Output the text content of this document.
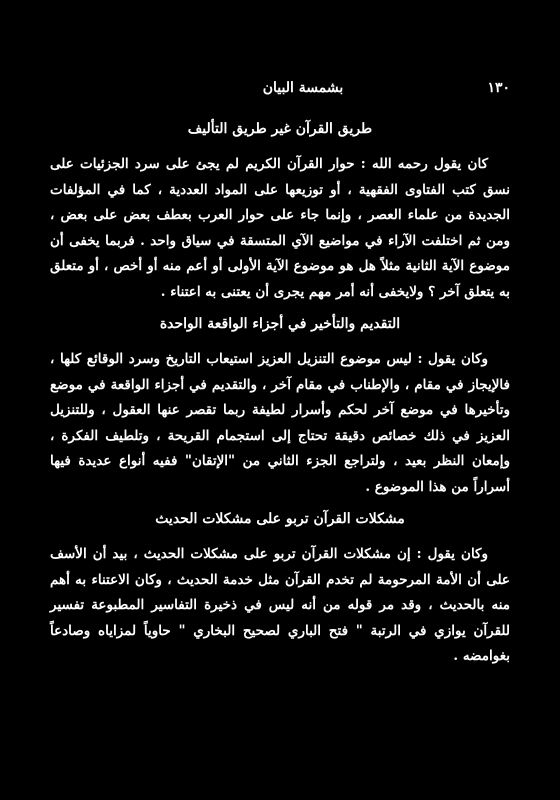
١٣٠
بشمسة البيان

طريق القرآن غير طريق التأليف

كان يقول رحمه الله : حوار القرآن الكريم لم يجئ على سرد الجزئيات على نسق كتب الفتاوى الفقهية ، أو توزيعها على المواد العددية ، كما في المؤلفات الجديدة من علماء العصر ، وإنما جاء على حوار العرب بعطف بعض على بعض ، ومن ثم اختلفت الآراء في مواضيع الآي المتسقة في سياق واحد . فربما يخفى أن موضوع الآية الثانية مثلاً هل هو موضوع الآية الأولى أو أعم منه أو أخص ، أو متعلق به يتعلق آخر ؟ ولايخفى أنه أمر مهم يجرى أن يعتنى به اعتناء .

التقديم والتأخير في أجزاء الواقعة الواحدة

وكان يقول : ليس موضوع التنزيل العزيز استيعاب التاريخ وسرد الوقائع كلها ، فالإيجاز في مقام ، والإطناب في مقام آخر ، والتقديم في أجزاء الواقعة في موضع وتأخيرها في موضع آخر لحكم وأسرار لطيفة ربما تقصر عنها العقول ، وللتنزيل العزيز في ذلك خصائص دقيقة تحتاج إلى استجمام القريحة ، وتلطيف الفكرة ، وإمعان النظر بعيد ، ولتراجع الجزء الثاني من "الإتقان" ففيه أنواع عديدة فيها أسراراً من هذا الموضوع .

مشكلات القرآن تربو على مشكلات الحديث

وكان يقول : إن مشكلات القرآن تربو على مشكلات الحديث ، بيد أن الأسف على أن الأمة المرحومة لم تخدم القرآن مثل خدمة الحديث ، وكان الاعتناء به أهم منه بالحديث ، وقد مر قوله من أنه ليس في ذخيرة التفاسير المطبوعة تفسير للقرآن يوازي في الرتبة " فتح الباري لصحيح البخاري " حاوياً لمزاياه وصادعاً بغوامضه .
